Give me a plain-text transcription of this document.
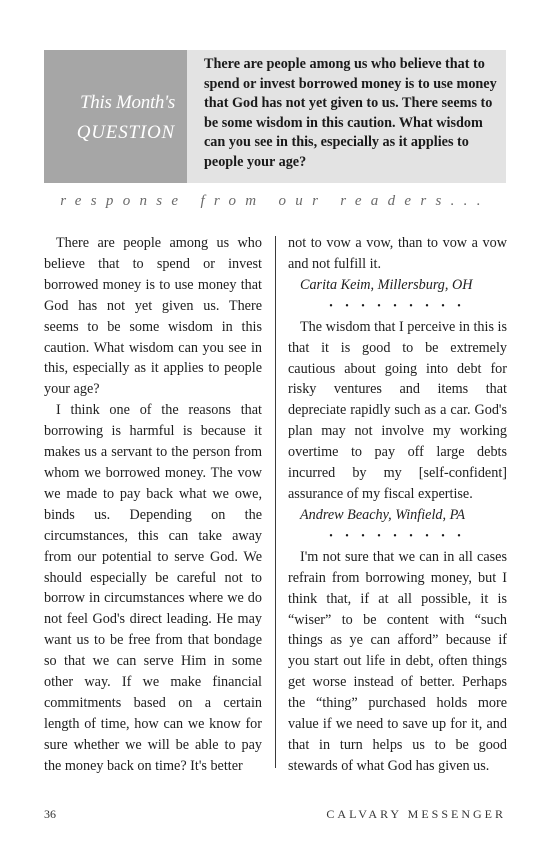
This Month's
QUESTION
There are people among us who believe that to spend or invest borrowed money is to use money that God has not yet given to us. There seems to be some wisdom in this caution. What wisdom can you see in this, especially as it applies to people your age?
response from our readers...

There are people among us who believe that to spend or invest borrowed money is to use money that God has not yet given us. There seems to be some wisdom in this caution. What wisdom can you see in this, especially as it applies to people your age?

I think one of the reasons that borrowing is harmful is because it makes us a servant to the person from whom we borrowed money. The vow we made to pay back what we owe, binds us. Depending on the circumstances, this can take away from our potential to serve God. We should especially be careful not to borrow in circumstances where we do not feel God's direct leading. He may want us to be free from that bondage so that we can serve Him in some other way. If we make financial commitments based on a certain length of time, how can we know for sure whether we will be able to pay the money back on time? It's better

not to vow a vow, than to vow a vow and not fulfill it.

Carita Keim, Millersburg, OH

• • • • • • • • •

The wisdom that I perceive in this is that it is good to be extremely cautious about going into debt for risky ventures and items that depreciate rapidly such as a car. God's plan may not involve my working overtime to pay off large debts incurred by my [self-confident] assurance of my fiscal expertise.

Andrew Beachy, Winfield, PA

• • • • • • • • •

I'm not sure that we can in all cases refrain from borrowing money, but I think that, if at all possible, it is “wiser” to be content with “such things as ye can afford” because if you start out life in debt, often things get worse instead of better. Perhaps the “thing” purchased holds more value if we need to save up for it, and that in turn helps us to be good stewards of what God has given us.

36	CALVARY MESSENGER
